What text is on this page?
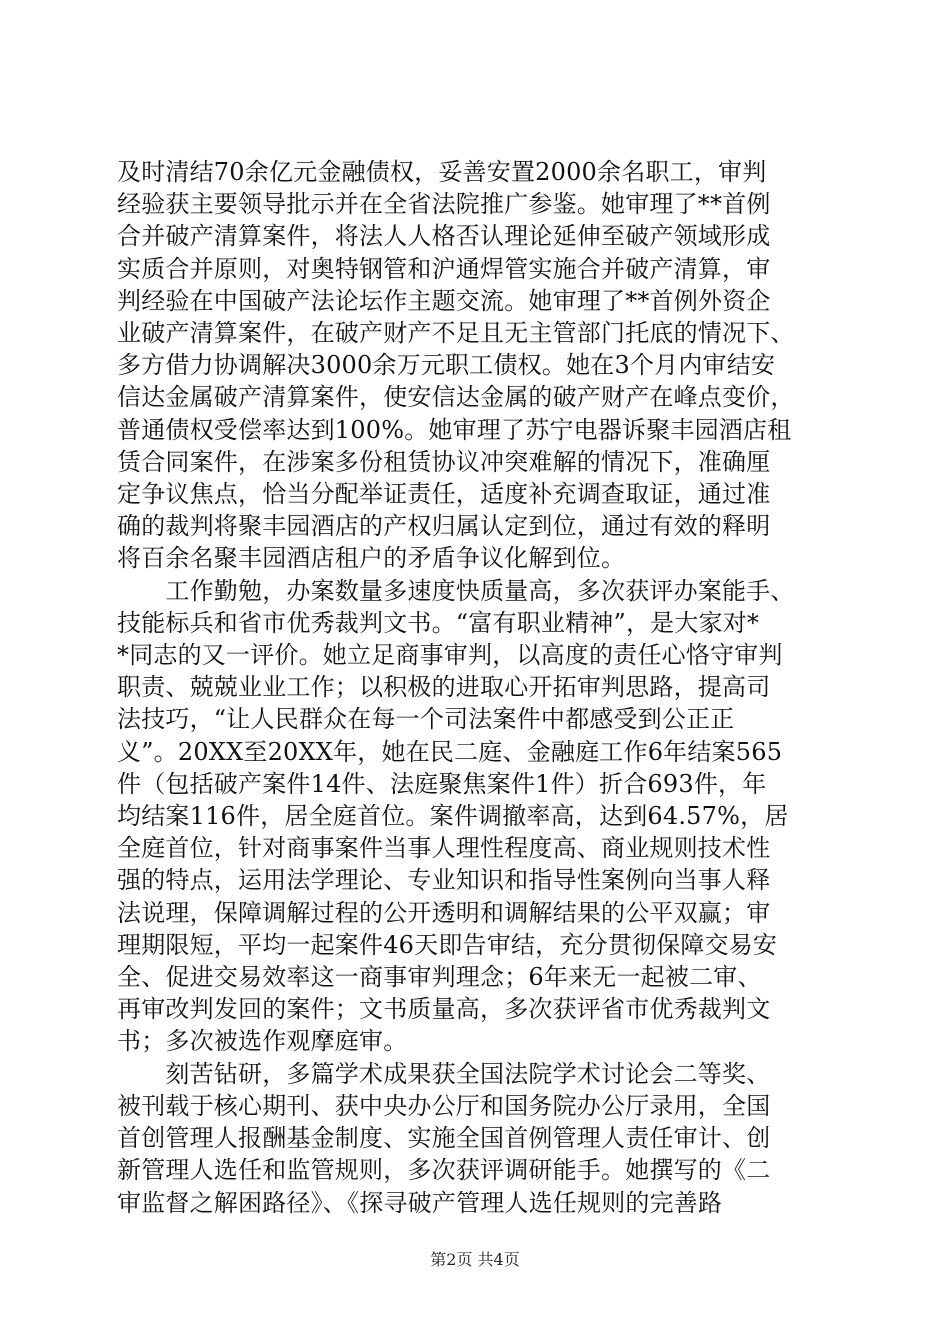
及时清结70余亿元金融债权，妥善安置2000余名职工，审判
经验获主要领导批示并在全省法院推广参鉴。她审理了**首例
合并破产清算案件，将法人人格否认理论延伸至破产领域形成
实质合并原则，对奥特钢管和沪通焊管实施合并破产清算，审
判经验在中国破产法论坛作主题交流。她审理了**首例外资企
业破产清算案件，在破产财产不足且无主管部门托底的情况下、
多方借力协调解决3000余万元职工债权。她在3个月内审结安
信达金属破产清算案件，使安信达金属的破产财产在峰点变价，
普通债权受偿率达到100%。她审理了苏宁电器诉聚丰园酒店租
赁合同案件，在涉案多份租赁协议冲突难解的情况下，准确厘
定争议焦点，恰当分配举证责任，适度补充调查取证，通过准
确的裁判将聚丰园酒店的产权归属认定到位，通过有效的释明
将百余名聚丰园酒店租户的矛盾争议化解到位。
　　工作勤勉，办案数量多速度快质量高，多次获评办案能手、
技能标兵和省市优秀裁判文书。“富有职业精神”，是大家对*
*同志的又一评价。她立足商事审判，以高度的责任心恪守审判
职责、兢兢业业工作；以积极的进取心开拓审判思路，提高司
法技巧，“让人民群众在每一个司法案件中都感受到公正正
义”。20XX至20XX年，她在民二庭、金融庭工作6年结案565
件（包括破产案件14件、法庭聚焦案件1件）折合693件，年
均结案116件，居全庭首位。案件调撤率高，达到64.57%，居
全庭首位，针对商事案件当事人理性程度高、商业规则技术性
强的特点，运用法学理论、专业知识和指导性案例向当事人释
法说理，保障调解过程的公开透明和调解结果的公平双赢；审
理期限短，平均一起案件46天即告审结，充分贯彻保障交易安
全、促进交易效率这一商事审判理念；6年来无一起被二审、
再审改判发回的案件；文书质量高，多次获评省市优秀裁判文
书；多次被选作观摩庭审。
　　刻苦钻研，多篇学术成果获全国法院学术讨论会二等奖、
被刊载于核心期刊、获中央办公厅和国务院办公厅录用，全国
首创管理人报酬基金制度、实施全国首例管理人责任审计、创
新管理人选任和监管规则，多次获评调研能手。她撰写的《二
审监督之解困路径》、《探寻破产管理人选任规则的完善路
第2页 共4页
